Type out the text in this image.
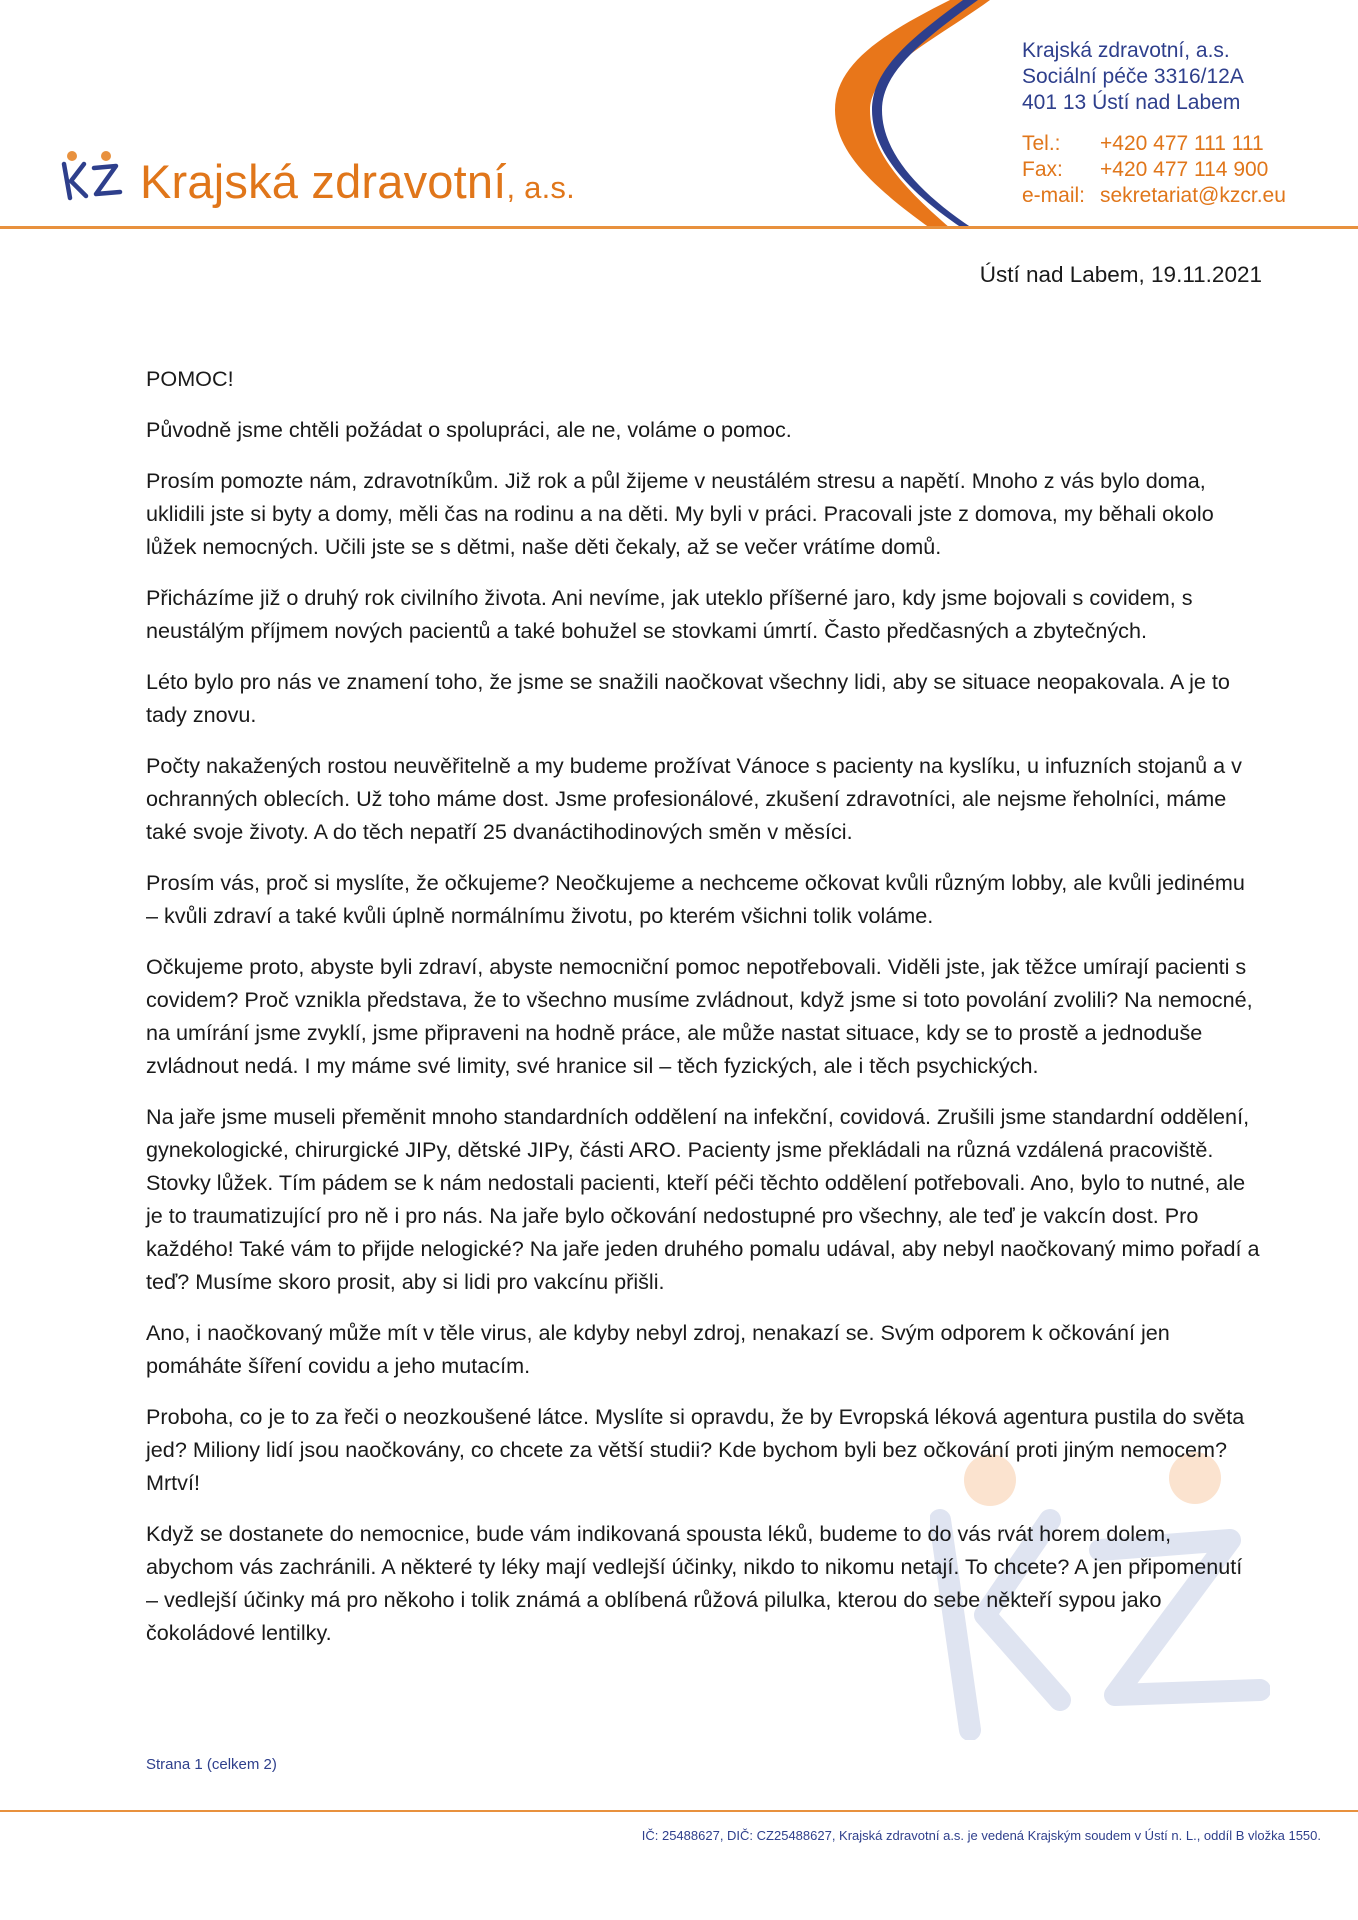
Krajská zdravotní, a.s.
Krajská zdravotní, a.s.
Sociální péče 3316/12A
401 13 Ústí nad Labem
Tel.:	+420 477 111 111
Fax:	+420 477 114 900
e-mail: sekretariat@kzcr.eu
Ústí nad Labem, 19.11.2021

POMOC!

Původně jsme chtěli požádat o spolupráci, ale ne, voláme o pomoc.

Prosím pomozte nám, zdravotníkům. Již rok a půl žijeme v neustálém stresu a napětí. Mnoho z vás bylo doma, uklidili jste si byty a domy, měli čas na rodinu a na děti. My byli v práci. Pracovali jste z domova, my běhali okolo lůžek nemocných. Učili jste se s dětmi, naše děti čekaly, až se večer vrátíme domů.

Přicházíme již o druhý rok civilního života. Ani nevíme, jak uteklo příšerné jaro, kdy jsme bojovali s covidem, s neustálým příjmem nových pacientů a také bohužel se stovkami úmrtí. Často předčasných a zbytečných.

Léto bylo pro nás ve znamení toho, že jsme se snažili naočkovat všechny lidi, aby se situace neopakovala. A je to tady znovu.

Počty nakažených rostou neuvěřitelně a my budeme prožívat Vánoce s pacienty na kyslíku, u infuzních stojanů a v ochranných oblecích. Už toho máme dost. Jsme profesionálové, zkušení zdravotníci, ale nejsme řeholníci, máme také svoje životy. A do těch nepatří 25 dvanáctihodinových směn v měsíci.

Prosím vás, proč si myslíte, že očkujeme? Neočkujeme a nechceme očkovat kvůli různým lobby, ale kvůli jedinému – kvůli zdraví a také kvůli úplně normálnímu životu, po kterém všichni tolik voláme.

Očkujeme proto, abyste byli zdraví, abyste nemocniční pomoc nepotřebovali. Viděli jste, jak těžce umírají pacienti s covidem? Proč vznikla představa, že to všechno musíme zvládnout, když jsme si toto povolání zvolili? Na nemocné, na umírání jsme zvyklí, jsme připraveni na hodně práce, ale může nastat situace, kdy se to prostě a jednoduše zvládnout nedá. I my máme své limity, své hranice sil – těch fyzických, ale i těch psychických.

Na jaře jsme museli přeměnit mnoho standardních oddělení na infekční, covidová. Zrušili jsme standardní oddělení, gynekologické, chirurgické JIPy, dětské JIPy, části ARO. Pacienty jsme překládali na různá vzdálená pracoviště. Stovky lůžek. Tím pádem se k nám nedostali pacienti, kteří péči těchto oddělení potřebovali. Ano, bylo to nutné, ale je to traumatizující pro ně i pro nás. Na jaře bylo očkování nedostupné pro všechny, ale teď je vakcín dost. Pro každého! Také vám to přijde nelogické? Na jaře jeden druhého pomalu udával, aby nebyl naočkovaný mimo pořadí a teď? Musíme skoro prosit, aby si lidi pro vakcínu přišli.

Ano, i naočkovaný může mít v těle virus, ale kdyby nebyl zdroj, nenakazí se. Svým odporem k očkování jen pomáháte šíření covidu a jeho mutacím.

Proboha, co je to za řeči o neozkoušené látce. Myslíte si opravdu, že by Evropská léková agentura pustila do světa jed? Miliony lidí jsou naočkovány, co chcete za větší studii? Kde bychom byli bez očkování proti jiným nemocem? Mrtví!

Když se dostanete do nemocnice, bude vám indikovaná spousta léků, budeme to do vás rvát horem dolem, abychom vás zachránili. A některé ty léky mají vedlejší účinky, nikdo to nikomu netají. To chcete? A jen připomenutí – vedlejší účinky má pro někoho i tolik známá a oblíbená růžová pilulka, kterou do sebe někteří sypou jako čokoládové lentilky.

Strana 1 (celkem 2)
IČ: 25488627, DIČ: CZ25488627, Krajská zdravotní a.s. je vedená Krajským soudem v Ústí n. L., oddíl B vložka 1550.
